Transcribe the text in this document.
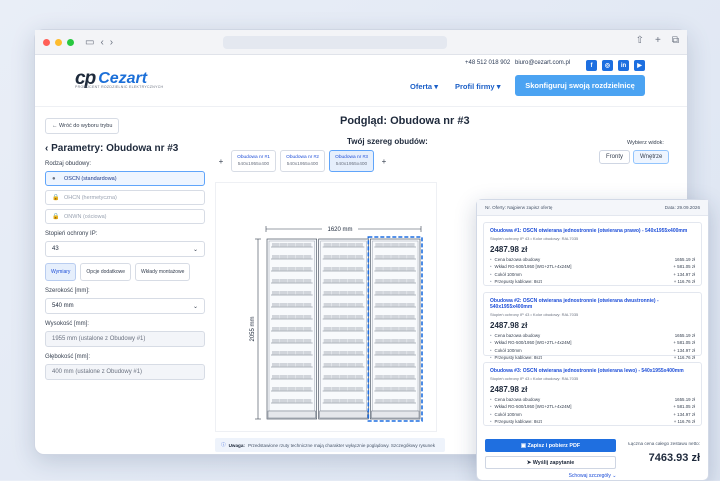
▭ ‹ ›	⇧ + ⧉
cp Cezart
PRODUCENT ROZDZIELNIC ELEKTRYCZNYCH
+48 512 018 902 biuro@cezart.com.pl	f	◎	in	▶
Oferta ▾ Profil firmy ▾	Skonfiguruj swoją rozdzielnicę
← Wróć do wyboru trybu
‹ Parametry: Obudowa nr #3
Rodzaj obudowy:
● OSCN (standardowa)
🔒 OHCN (hermetyczna)
🔒 ONWN (ościowa)
Stopień ochrony IP:
43	⌄
Wymiary	Opcje dodatkowe	Wkłady montażowe
Szerokość [mm]:
540 mm	⌄
Wysokość [mm]:
1955 mm (ustalone z Obudowy #1)
Głębokość [mm]:
400 mm (ustalone z Obudowy #1)
Podgląd: Obudowa nr #3
Twój szereg obudów:
+	Obudowa nr #1
540x1955x400
Obudowa nr #2
540x1955x400
Obudowa nr #3
540x1955x400	+
Wybierz widok:
Fronty	Wnętrze
1620 mm
2055 mm
ⓘ Uwaga: Przedstawione rzuty techniczne mają charakter wyłącznie poglądowy. Szczegółowy rysunek
Nr. Oferty: Najpierw zapisz ofertę	Data: 29.09.2026
Obudowa #1: OSCN otwierana jednostronnie (otwierana prawo) - 540x1955x400mm
Stopień ochrony IP 43 • Kolor obudowy: RAL7035
2487.98 zł
• Cena bazowa obudowy	1655.19 zł
• Wkład RG-500/1950 [WG+2TL+4x24M]	+ 581.05 zł
• Cokół 100mm	+ 134.97 zł
• Przepusty kablowe: 8szt	+ 116.76 zł
Obudowa #2: OSCN otwierana jednostronnie (otwierana dwustronnie) - 540x1955x400mm
Stopień ochrony IP 43 • Kolor obudowy: RAL7035
2487.98 zł
• Cena bazowa obudowy	1655.19 zł
• Wkład RG-500/1950 [WG+2TL+4x24M]	+ 581.05 zł
• Cokół 100mm	+ 134.97 zł
• Przepusty kablowe: 8szt	+ 116.76 zł
Obudowa #3: OSCN otwierana jednostronnie (otwierana lewo) - 540x1955x400mm
Stopień ochrony IP 43 • Kolor obudowy: RAL7035
2487.98 zł
• Cena bazowa obudowy	1655.19 zł
• Wkład RG-500/1950 [WG+2TL+4x24M]	+ 581.05 zł
• Cokół 100mm	+ 134.97 zł
• Przepusty kablowe: 8szt	+ 116.76 zł
▣ Zapisz i pobierz PDF
➤ Wyślij zapytanie
Łączna cena całego zestawu netto:
7463.93 zł
Schowaj szczegóły ⌄
